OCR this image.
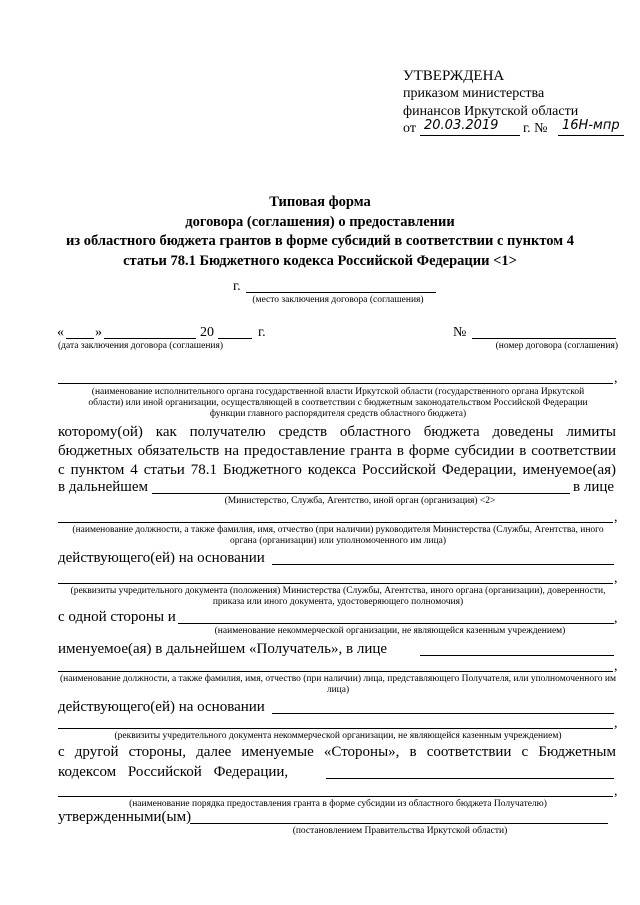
УТВЕРЖДЕНА
приказом министерства
финансов Иркутской области
от 20.03.2019 г. № 16Н-мпр
Типовая форма
договора (соглашения) о предоставлении
из областного бюджета грантов в форме субсидий в соответствии с пунктом 4
статьи 78.1 Бюджетного кодекса Российской Федерации <1>
г.
(место заключения договора (соглашения)
« »	20	г.
(дата заключения договора (соглашения)
№
(номер договора (соглашения)
,
(наименование исполнительного органа государственной власти Иркутской области (государственного органа Иркутской области) или иной организации, осуществляющей в соответствии с бюджетным законодательством Российской Федерации функции главного распорядителя средств областного бюджета)
которому(ой) как получателю средств областного бюджета доведены лимиты
бюджетных обязательств на предоставление гранта в форме субсидии в соответствии
с пунктом 4 статьи 78.1 Бюджетного кодекса Российской Федерации, именуемое(ая)
в дальнейшем	в лице
(Министерство, Служба, Агентство, иной орган (организация) <2>
,
(наименование должности, а также фамилия, имя, отчество (при наличии) руководителя Министерства (Службы, Агентства, иного органа (организации) или уполномоченного им лица)
действующего(ей) на основании
,
(реквизиты учредительного документа (положения) Министерства (Службы, Агентства, иного органа (организации), доверенности, приказа или иного документа, удостоверяющего полномочия)
с одной стороны и	,
(наименование некоммерческой организации, не являющейся казенным учреждением)
именуемое(ая) в дальнейшем «Получатель», в лице
,
(наименование должности, а также фамилия, имя, отчество (при наличии) лица, представляющего Получателя, или уполномоченного им лица)
действующего(ей) на основании
,
(реквизиты учредительного документа некоммерческой организации, не являющейся казенным учреждением)
с другой стороны, далее именуемые «Стороны», в соответствии с Бюджетным
кодексом Российской Федерации,
,
(наименование порядка предоставления гранта в форме субсидии из областного бюджета Получателю)
утвержденными(ым)
(постановлением Правительства Иркутской области)
